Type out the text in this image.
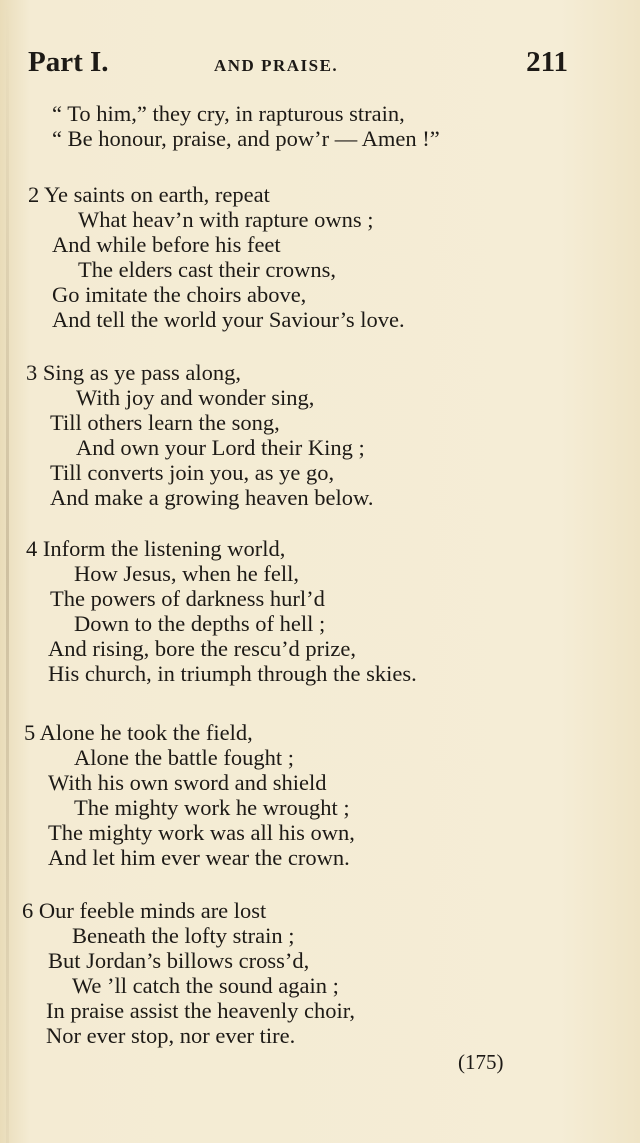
Part I.	AND PRAISE.	211
“ To him,” they cry, in rapturous strain,
“ Be honour, praise, and pow’r — Amen !”
2 Ye saints on earth, repeat
What heav’n with rapture owns ;
And while before his feet
The elders cast their crowns,
Go imitate the choirs above,
And tell the world your Saviour’s love.
3 Sing as ye pass along,
With joy and wonder sing,
Till others learn the song,
And own your Lord their King ;
Till converts join you, as ye go,
And make a growing heaven below.
4 Inform the listening world,
How Jesus, when he fell,
The powers of darkness hurl’d
Down to the depths of hell ;
And rising, bore the rescu’d prize,
His church, in triumph through the skies.
5 Alone he took the field,
Alone the battle fought ;
With his own sword and shield
The mighty work he wrought ;
The mighty work was all his own,
And let him ever wear the crown.
6 Our feeble minds are lost
Beneath the lofty strain ;
But Jordan’s billows cross’d,
We ’ll catch the sound again ;
In praise assist the heavenly choir,
Nor ever stop, nor ever tire.
(175)
